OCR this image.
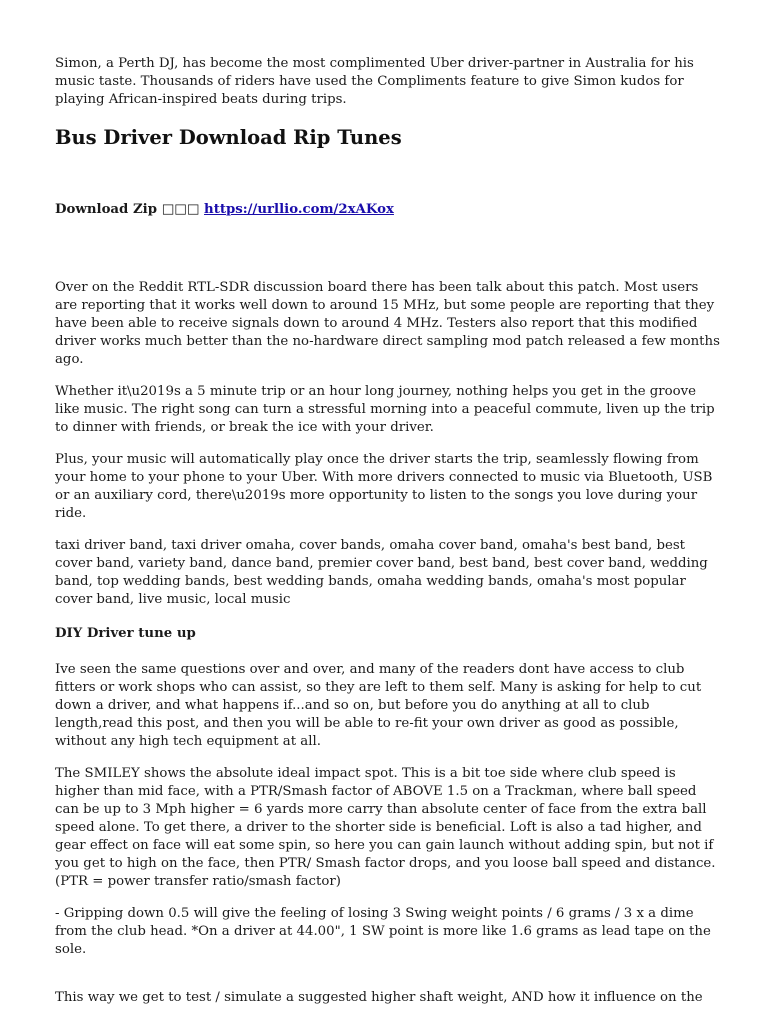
Simon, a Perth DJ, has become the most complimented Uber driver-partner in Australia for his music taste. Thousands of riders have used the Compliments feature to give Simon kudos for playing African-inspired beats during trips.

Bus Driver Download Rip Tunes

Download Zip □□□ https://urllio.com/2xAKox

Over on the Reddit RTL-SDR discussion board there has been talk about this patch. Most users are reporting that it works well down to around 15 MHz, but some people are reporting that they have been able to receive signals down to around 4 MHz. Testers also report that this modified driver works much better than the no-hardware direct sampling mod patch released a few months ago.

Whether it\u2019s a 5 minute trip or an hour long journey, nothing helps you get in the groove like music. The right song can turn a stressful morning into a peaceful commute, liven up the trip to dinner with friends, or break the ice with your driver.

Plus, your music will automatically play once the driver starts the trip, seamlessly flowing from your home to your phone to your Uber. With more drivers connected to music via Bluetooth, USB or an auxiliary cord, there\u2019s more opportunity to listen to the songs you love during your ride.

taxi driver band, taxi driver omaha, cover bands, omaha cover band, omaha's best band, best cover band, variety band, dance band, premier cover band, best band, best cover band, wedding band, top wedding bands, best wedding bands, omaha wedding bands, omaha's most popular cover band, live music, local music

DIY Driver tune up

Ive seen the same questions over and over, and many of the readers dont have access to club fitters or work shops who can assist, so they are left to them self. Many is asking for help to cut down a driver, and what happens if...and so on, but before you do anything at all to club length,read this post, and then you will be able to re-fit your own driver as good as possible, without any high tech equipment at all.

The SMILEY shows the absolute ideal impact spot. This is a bit toe side where club speed is higher than mid face, with a PTR/Smash factor of ABOVE 1.5 on a Trackman, where ball speed can be up to 3 Mph higher = 6 yards more carry than absolute center of face from the extra ball speed alone. To get there, a driver to the shorter side is beneficial. Loft is also a tad higher, and gear effect on face will eat some spin, so here you can gain launch without adding spin, but not if you get to high on the face, then PTR/ Smash factor drops, and you loose ball speed and distance. (PTR = power transfer ratio/smash factor)

- Gripping down 0.5 will give the feeling of losing 3 Swing weight points / 6 grams / 3 x a dime from the club head. *On a driver at 44.00", 1 SW point is more like 1.6 grams as lead tape on the sole.

This way we get to test / simulate a suggested higher shaft weight, AND how it influence on the
